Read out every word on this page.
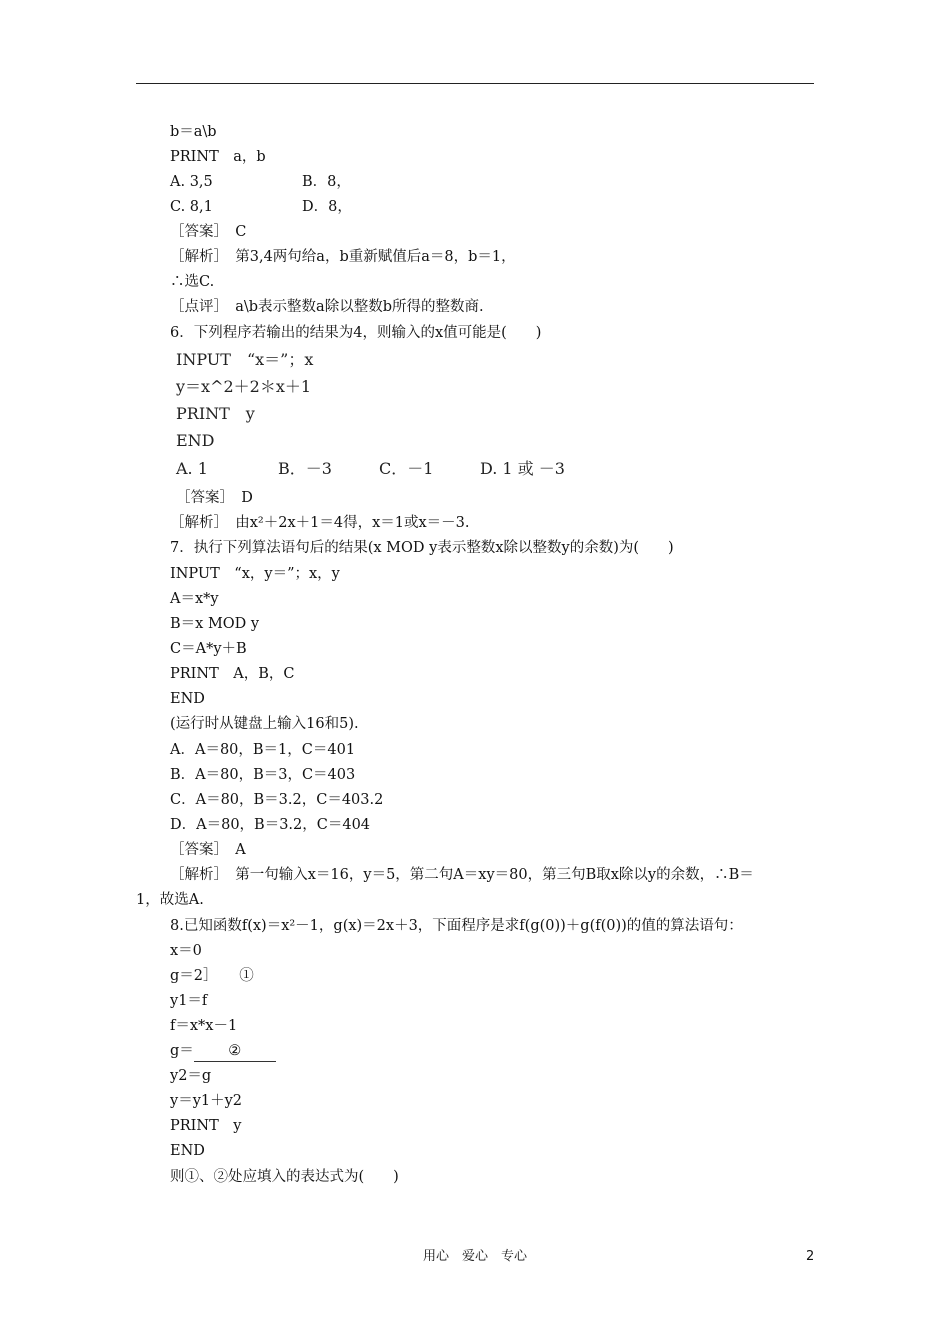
b＝a\b
PRINT　a，b
A. 3,5	B．8，
C. 8,1	D．8，
［答案］　C
［解析］　第3,4两句给a，b重新赋值后a＝8，b＝1，
∴选C.
［点评］　a\b表示整数a除以整数b所得的整数商.
6．下列程序若输出的结果为4，则输入的x值可能是(　　)
INPUT　“x＝”；x
y＝x^2＋2＊x＋1
PRINT　y
END
A. 1	B．－3	C．－1	D. 1 或 －3
［答案］　D
［解析］　由x²＋2x＋1＝4得，x＝1或x＝－3.
7．执行下列算法语句后的结果(x MOD y表示整数x除以整数y的余数)为(　　)
INPUT　“x，y＝”；x，y
A＝x*y
B＝x MOD y
C＝A*y＋B
PRINT　A，B，C
END
(运行时从键盘上输入16和5).
A．A＝80，B＝1，C＝401
B．A＝80，B＝3，C＝403
C．A＝80，B＝3.2，C＝403.2
D．A＝80，B＝3.2，C＝404
［答案］　A
［解析］　第一句输入x＝16，y＝5，第二句A＝xy＝80，第三句B取x除以y的余数，∴B＝
1，故选A.
8.已知函数f(x)＝x²－1，g(x)＝2x＋3，下面程序是求f(g(0))＋g(f(0))的值的算法语句：
x＝0
g＝2］　　①
y1＝f
f＝x*x－1
g＝ ②
y2＝g
y＝y1＋y2
PRINT　y
END
则①、②处应填入的表达式为(　　)
用心　爱心　专心	2
